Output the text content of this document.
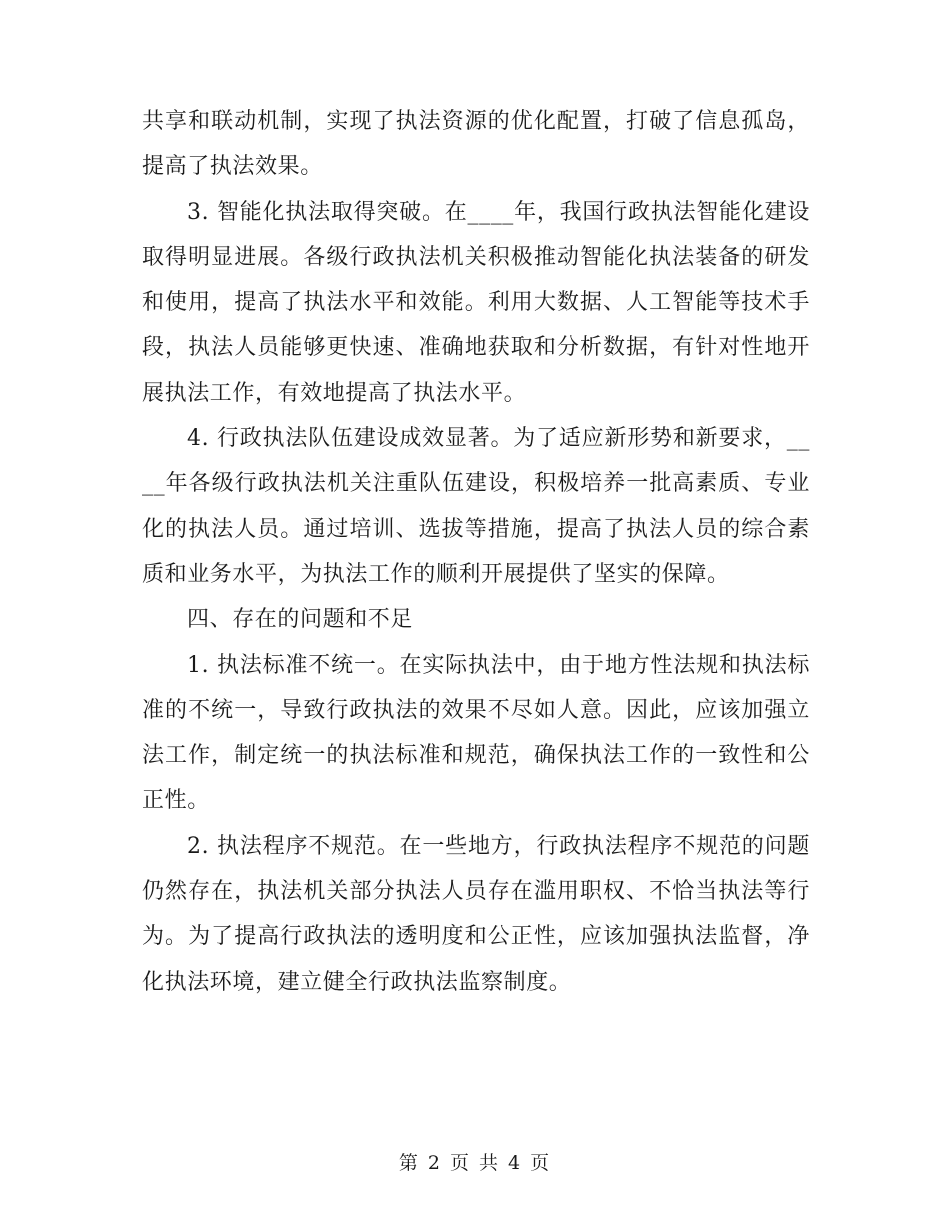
共享和联动机制，实现了执法资源的优化配置，打破了信息孤岛，提高了执法效果。

3. 智能化执法取得突破。在____年，我国行政执法智能化建设取得明显进展。各级行政执法机关积极推动智能化执法装备的研发和使用，提高了执法水平和效能。利用大数据、人工智能等技术手段，执法人员能够更快速、准确地获取和分析数据，有针对性地开展执法工作，有效地提高了执法水平。

4. 行政执法队伍建设成效显著。为了适应新形势和新要求，____年各级行政执法机关注重队伍建设，积极培养一批高素质、专业化的执法人员。通过培训、选拔等措施，提高了执法人员的综合素质和业务水平，为执法工作的顺利开展提供了坚实的保障。

四、存在的问题和不足

1. 执法标准不统一。在实际执法中，由于地方性法规和执法标准的不统一，导致行政执法的效果不尽如人意。因此，应该加强立法工作，制定统一的执法标准和规范，确保执法工作的一致性和公正性。

2. 执法程序不规范。在一些地方，行政执法程序不规范的问题仍然存在，执法机关部分执法人员存在滥用职权、不恰当执法等行为。为了提高行政执法的透明度和公正性，应该加强执法监督，净化执法环境，建立健全行政执法监察制度。

第 2 页 共 4 页
